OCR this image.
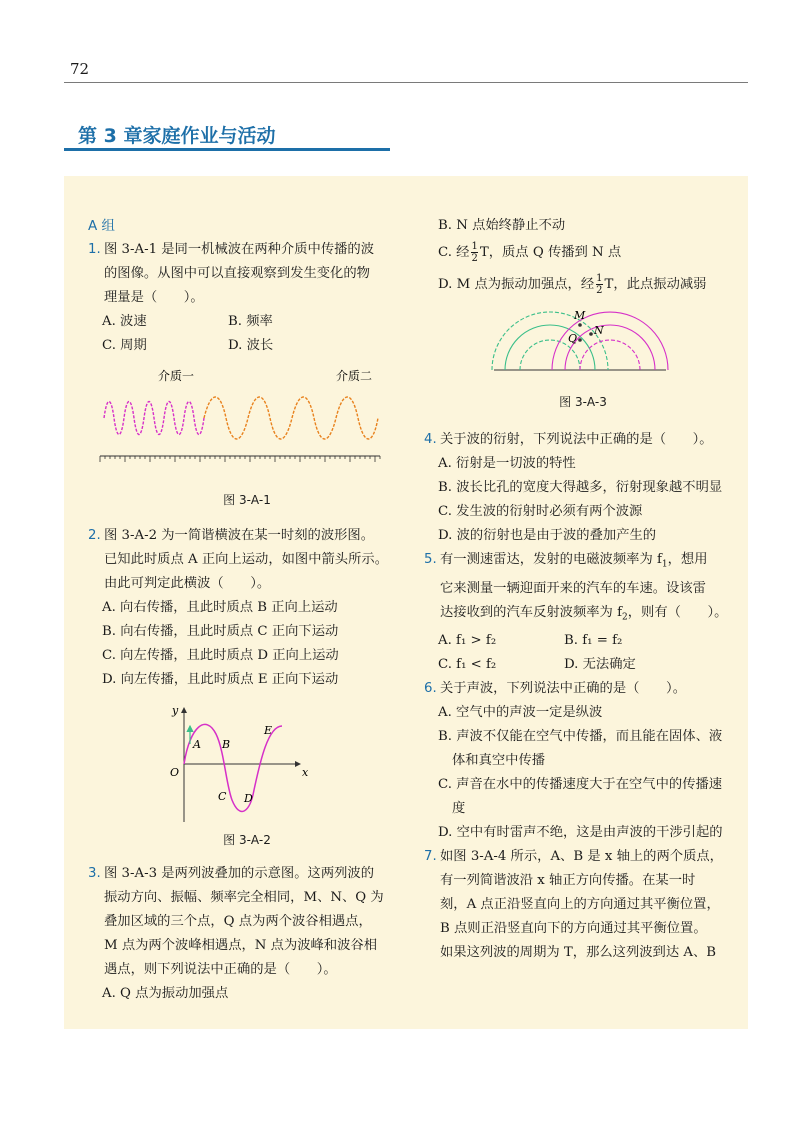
72
第 3 章家庭作业与活动
A 组
1. 图 3-A-1 是同一机械波在两种介质中传播的波
的图像。从图中可以直接观察到发生变化的物
理量是（　　）。
A. 波速	B. 频率
C. 周期	D. 波长
介质一	介质二
图 3-A-1
2. 图 3-A-2 为一简谐横波在某一时刻的波形图。
已知此时质点 A 正向上运动，如图中箭头所示。
由此可判定此横波（　　）。
A. 向右传播，且此时质点 B 正向上运动
B. 向右传播，且此时质点 C 正向下运动
C. 向左传播，且此时质点 D 正向上运动
D. 向左传播，且此时质点 E 正向下运动
y
x
O
A B
C D
E
图 3-A-2
3. 图 3-A-3 是两列波叠加的示意图。这两列波的
振动方向、振幅、频率完全相同，M、N、Q 为
叠加区域的三个点，Q 点为两个波谷相遇点，
M 点为两个波峰相遇点，N 点为波峰和波谷相
遇点，则下列说法中正确的是（　　）。
A. Q 点为振动加强点
B. N 点始终静止不动
C. 经 $\frac{1}{2}$ T，质点 Q 传播到 N 点
D. M 点为振动加强点，经 $\frac{1}{2}$ T，此点振动减弱
M
N
Q
图 3-A-3
4. 关于波的衍射，下列说法中正确的是（　　）。
A. 衍射是一切波的特性
B. 波长比孔的宽度大得越多，衍射现象越不明显
C. 发生波的衍射时必须有两个波源
D. 波的衍射也是由于波的叠加产生的
5. 有一测速雷达，发射的电磁波频率为 $f_1$，想用
它来测量一辆迎面开来的汽车的车速。设该雷
达接收到的汽车反射波频率为 $f_2$，则有（　　）。
A. f₁ > f₂	B. f₁ = f₂
C. f₁ < f₂	D. 无法确定
6. 关于声波，下列说法中正确的是（　　）。
A. 空气中的声波一定是纵波
B. 声波不仅能在空气中传播，而且能在固体、液体和真空中传播
C. 声音在水中的传播速度大于在空气中的传播速度
D. 空中有时雷声不绝，这是由声波的干涉引起的
7. 如图 3-A-4 所示，A、B 是 x 轴上的两个质点，
有一列简谐波沿 x 轴正方向传播。在某一时
刻，A 点正沿竖直向上的方向通过其平衡位置，
B 点则正沿竖直向下的方向通过其平衡位置。
如果这列波的周期为 T，那么这列波到达 A、B
